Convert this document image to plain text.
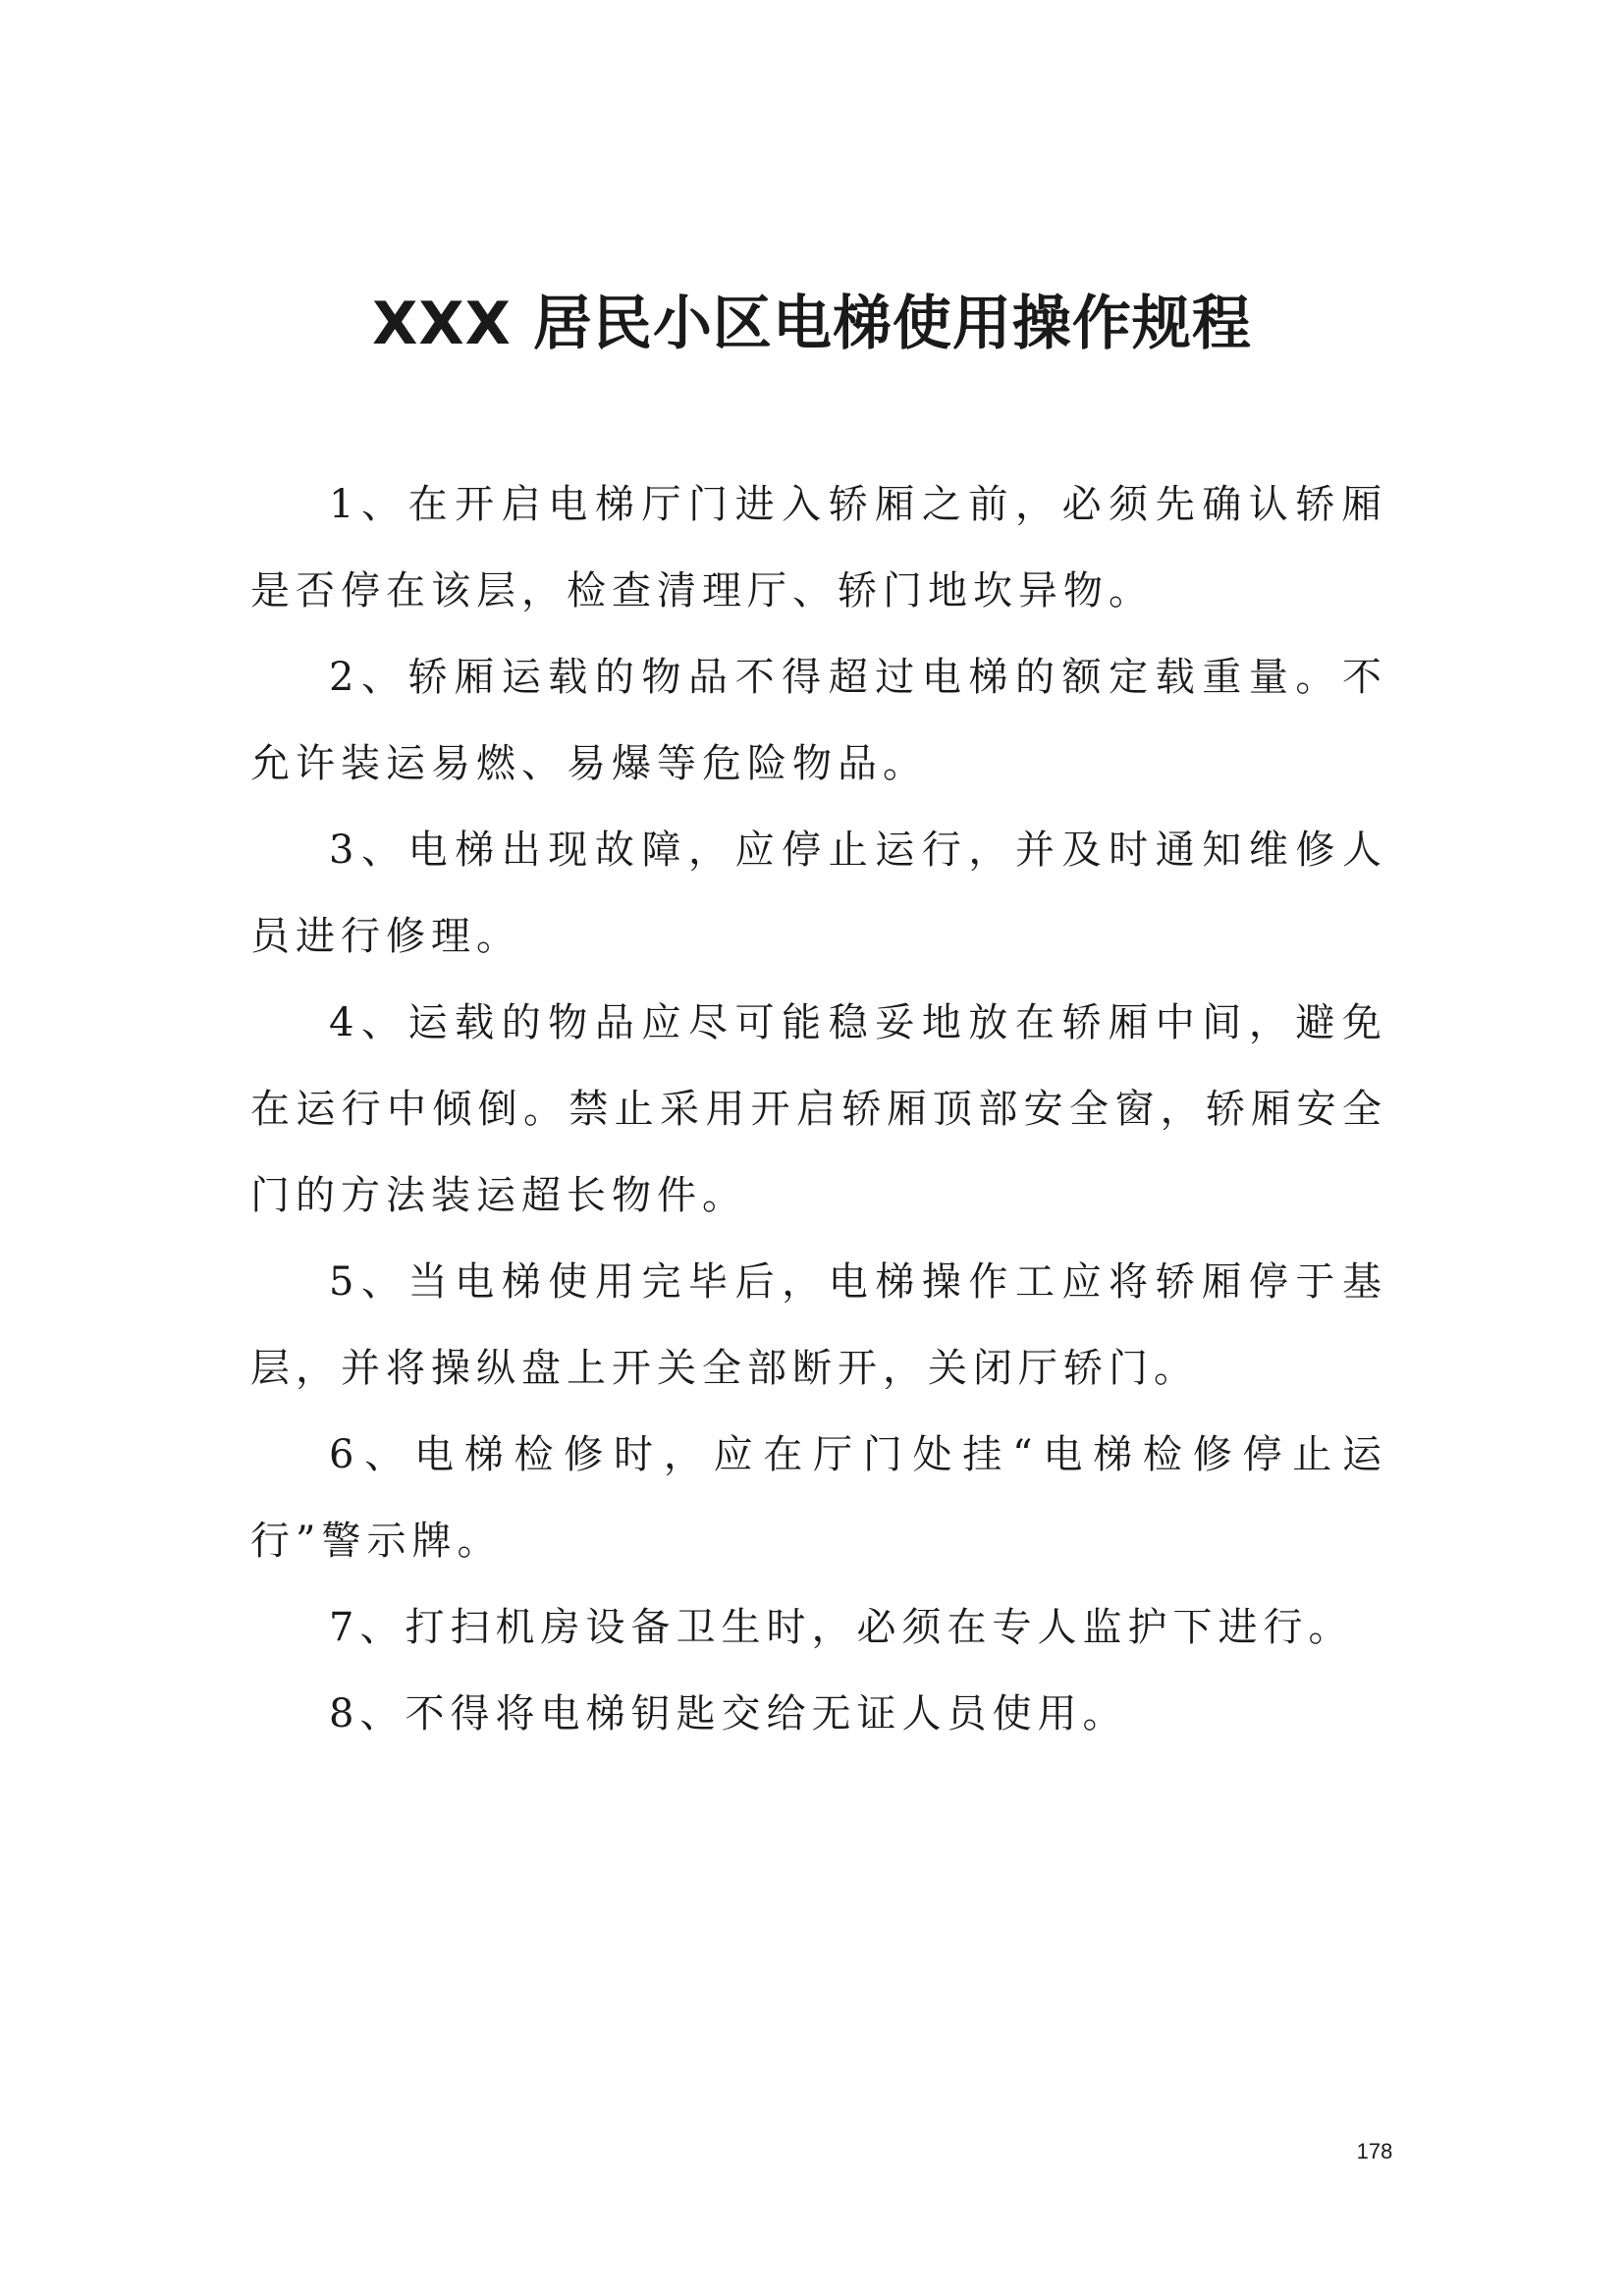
XXX 居民小区电梯使用操作规程

1、在开启电梯厅门进入轿厢之前，必须先确认轿厢是否停在该层，检查清理厅、轿门地坎异物。

2、轿厢运载的物品不得超过电梯的额定载重量。不允许装运易燃、易爆等危险物品。

3、电梯出现故障，应停止运行，并及时通知维修人员进行修理。

4、运载的物品应尽可能稳妥地放在轿厢中间，避免在运行中倾倒。禁止采用开启轿厢顶部安全窗，轿厢安全门的方法装运超长物件。

5、当电梯使用完毕后，电梯操作工应将轿厢停于基层，并将操纵盘上开关全部断开，关闭厅轿门。

6、电梯检修时，应在厅门处挂“电梯检修停止运行”警示牌。

7、打扫机房设备卫生时，必须在专人监护下进行。

8、不得将电梯钥匙交给无证人员使用。

178
